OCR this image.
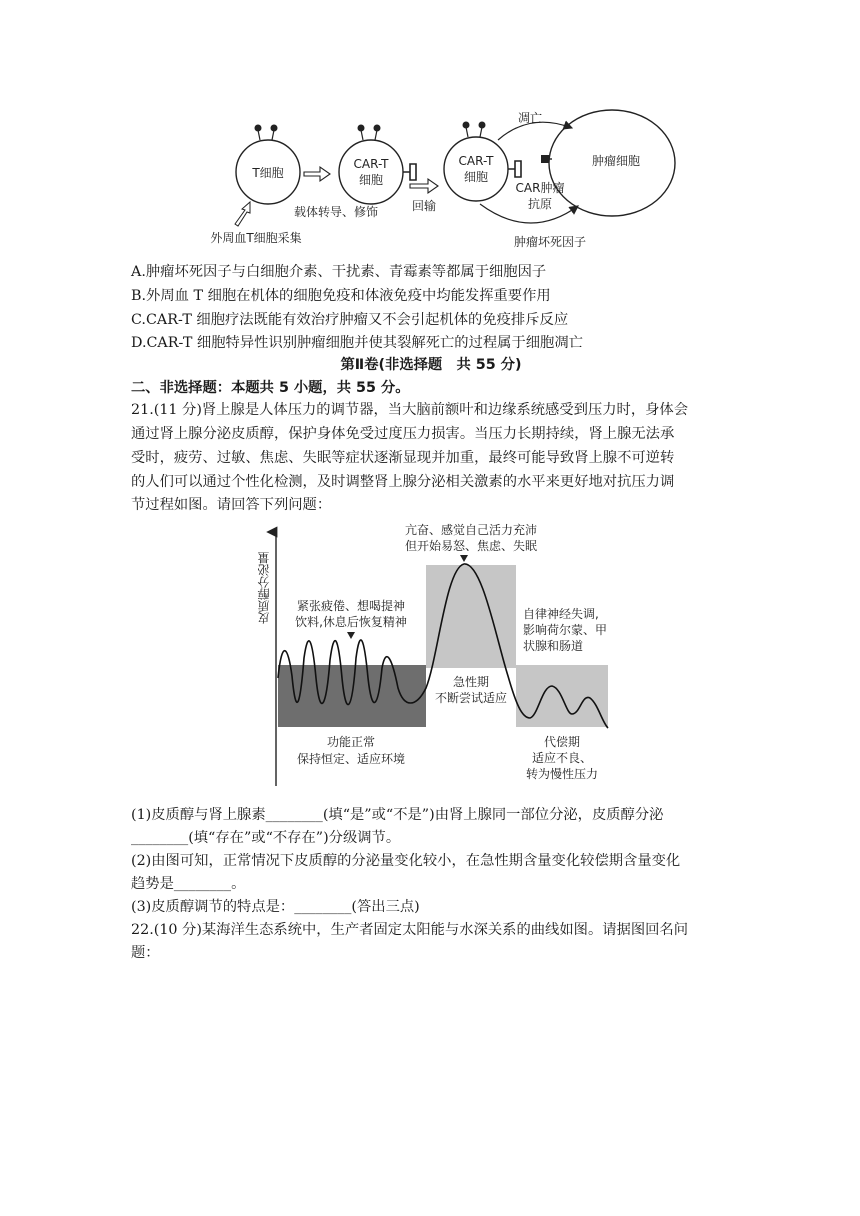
T细胞
CAR-T
细胞
CAR-T
细胞
肿瘤细胞
CAR肿瘤
抗原
凋亡
肿瘤坏死因子
载体转导、修饰	回输
外周血T细胞采集
A.肿瘤坏死因子与白细胞介素、干扰素、青霉素等都属于细胞因子
B.外周血 T 细胞在机体的细胞免疫和体液免疫中均能发挥重要作用
C.CAR-T 细胞疗法既能有效治疗肿瘤又不会引起机体的免疫排斥反应
D.CAR-T 细胞特异性识别肿瘤细胞并使其裂解死亡的过程属于细胞凋亡
第Ⅱ卷(非选择题　共 55 分)
二、非选择题：本题共 5 小题，共 55 分。
21.(11 分)肾上腺是人体压力的调节器，当大脑前额叶和边缘系统感受到压力时，身体会
通过肾上腺分泌皮质醇，保护身体免受过度压力损害。当压力长期持续，肾上腺无法承
受时，疲劳、过敏、焦虑、失眠等症状逐渐显现并加重，最终可能导致肾上腺不可逆转
的人们可以通过个性化检测，及时调整肾上腺分泌相关激素的水平来更好地对抗压力调
节过程如图。请回答下列问题：
皮质醇分泌量
亢奋、感觉自己活力充沛
但开始易怒、焦虑、失眠
紧张疲倦、想喝提神
饮料,休息后恢复精神
自律神经失调,
影响荷尔蒙、甲
状腺和肠道
急性期
不断尝试适应
功能正常
保持恒定、适应环境
代偿期
适应不良、
转为慢性压力
(1)皮质醇与肾上腺素________(填“是”或“不是”)由肾上腺同一部位分泌，皮质醇分泌
________(填“存在”或“不存在”)分级调节。
(2)由图可知，正常情况下皮质醇的分泌量变化较小，在急性期含量变化较偿期含量变化
趋势是________。
(3)皮质醇调节的特点是：________(答出三点)
22.(10 分)某海洋生态系统中，生产者固定太阳能与水深关系的曲线如图。请据图回名问
题：
